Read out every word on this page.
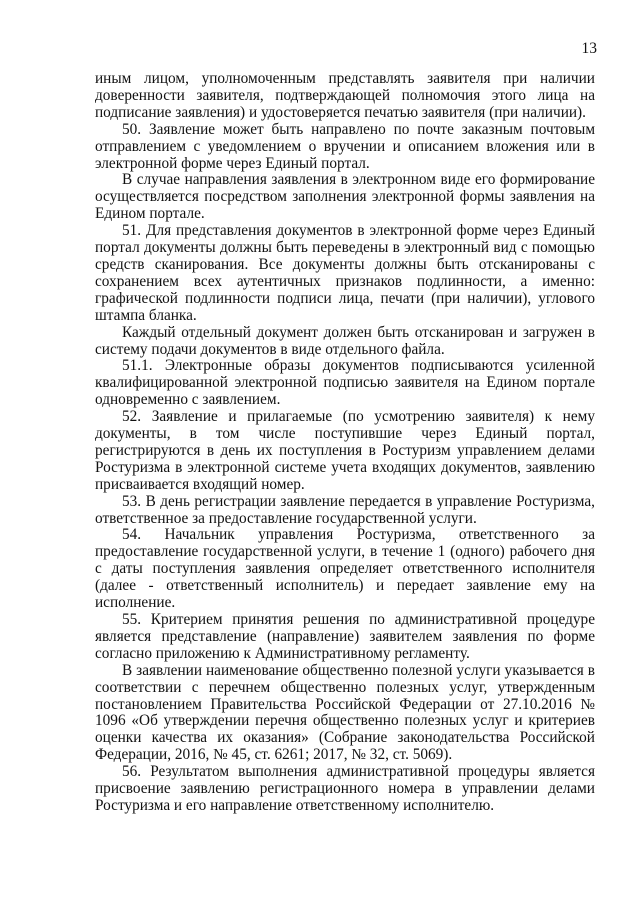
13

иным лицом, уполномоченным представлять заявителя при наличии доверенности заявителя, подтверждающей полномочия этого лица на подписание заявления) и удостоверяется печатью заявителя (при наличии).

50. Заявление может быть направлено по почте заказным почтовым отправлением с уведомлением о вручении и описанием вложения или в электронной форме через Единый портал.

В случае направления заявления в электронном виде его формирование осуществляется посредством заполнения электронной формы заявления на Едином портале.

51. Для представления документов в электронной форме через Единый портал документы должны быть переведены в электронный вид с помощью средств сканирования. Все документы должны быть отсканированы с сохранением всех аутентичных признаков подлинности, а именно: графической подлинности подписи лица, печати (при наличии), углового штампа бланка.

Каждый отдельный документ должен быть отсканирован и загружен в систему подачи документов в виде отдельного файла.

51.1. Электронные образы документов подписываются усиленной квалифицированной электронной подписью заявителя на Едином портале одновременно с заявлением.

52. Заявление и прилагаемые (по усмотрению заявителя) к нему документы, в том числе поступившие через Единый портал, регистрируются в день их поступления в Ростуризм управлением делами Ростуризма в электронной системе учета входящих документов, заявлению присваивается входящий номер.

53. В день регистрации заявление передается в управление Ростуризма, ответственное за предоставление государственной услуги.

54. Начальник управления Ростуризма, ответственного за предоставление государственной услуги, в течение 1 (одного) рабочего дня с даты поступления заявления определяет ответственного исполнителя (далее - ответственный исполнитель) и передает заявление ему на исполнение.

55. Критерием принятия решения по административной процедуре является представление (направление) заявителем заявления по форме согласно приложению к Административному регламенту.

В заявлении наименование общественно полезной услуги указывается в соответствии с перечнем общественно полезных услуг, утвержденным постановлением Правительства Российской Федерации от 27.10.2016 № 1096 «Об утверждении перечня общественно полезных услуг и критериев оценки качества их оказания» (Собрание законодательства Российской Федерации, 2016, № 45, ст. 6261; 2017, № 32, ст. 5069).

56. Результатом выполнения административной процедуры является присвоение заявлению регистрационного номера в управлении делами Ростуризма и его направление ответственному исполнителю.
